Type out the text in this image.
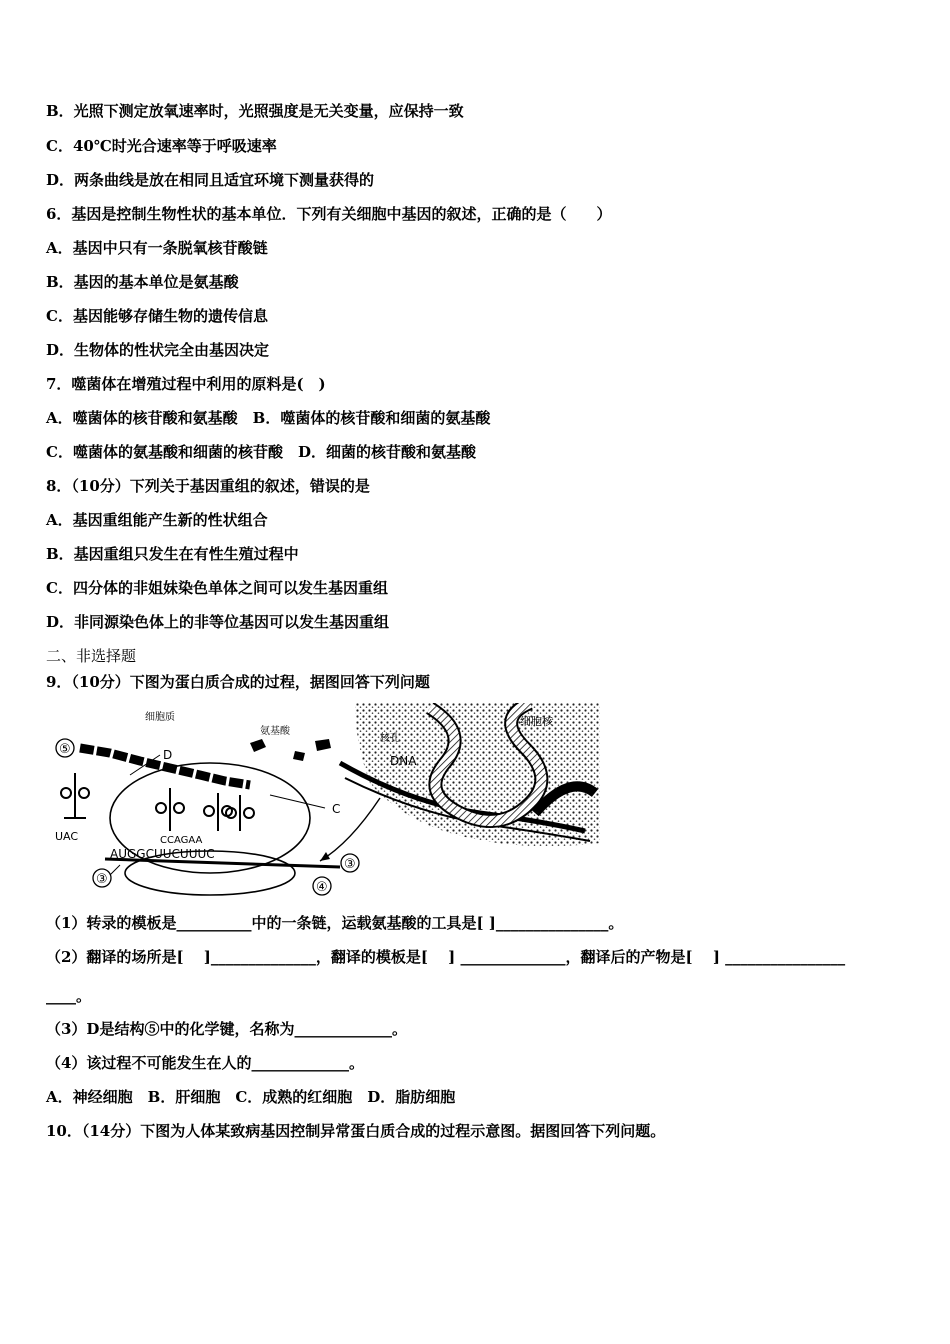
B．光照下测定放氧速率时，光照强度是无关变量，应保持一致
C．40℃时光合速率等于呼吸速率
D．两条曲线是放在相同且适宜环境下测量获得的
6．基因是控制生物性状的基本单位．下列有关细胞中基因的叙述，正确的是（　　）
A．基因中只有一条脱氧核苷酸链
B．基因的基本单位是氨基酸
C．基因能够存储生物的遗传信息
D．生物体的性状完全由基因决定
7．噬菌体在增殖过程中利用的原料是(　)
A．噬菌体的核苷酸和氨基酸　B．噬菌体的核苷酸和细菌的氨基酸
C．噬菌体的氨基酸和细菌的核苷酸　D．细菌的核苷酸和氨基酸
8．（10分）下列关于基因重组的叙述，错误的是
A．基因重组能产生新的性状组合
B．基因重组只发生在有性生殖过程中
C．四分体的非姐妹染色单体之间可以发生基因重组
D．非同源染色体上的非等位基因可以发生基因重组
二、非选择题
9．（10分）下图为蛋白质合成的过程，据图回答下列问题
细胞核
核孔
DNA
细胞质
氨基酸
⑤	D
UAC	CCAGAA
C
AUGGCUUCUUUC
③
③
④
（1）转录的模板是__________中的一条链，运载氨基酸的工具是[ ]_______________。
（2）翻译的场所是[　 ]______________，翻译的模板是[　 ] ______________，翻译后的产物是[　 ] ________________
____。
（3）D是结构⑤中的化学键，名称为_____________。
（4）该过程不可能发生在人的_____________。
A．神经细胞　B．肝细胞　C．成熟的红细胞　D．脂肪细胞
10．（14分）下图为人体某致病基因控制异常蛋白质合成的过程示意图。据图回答下列问题。
